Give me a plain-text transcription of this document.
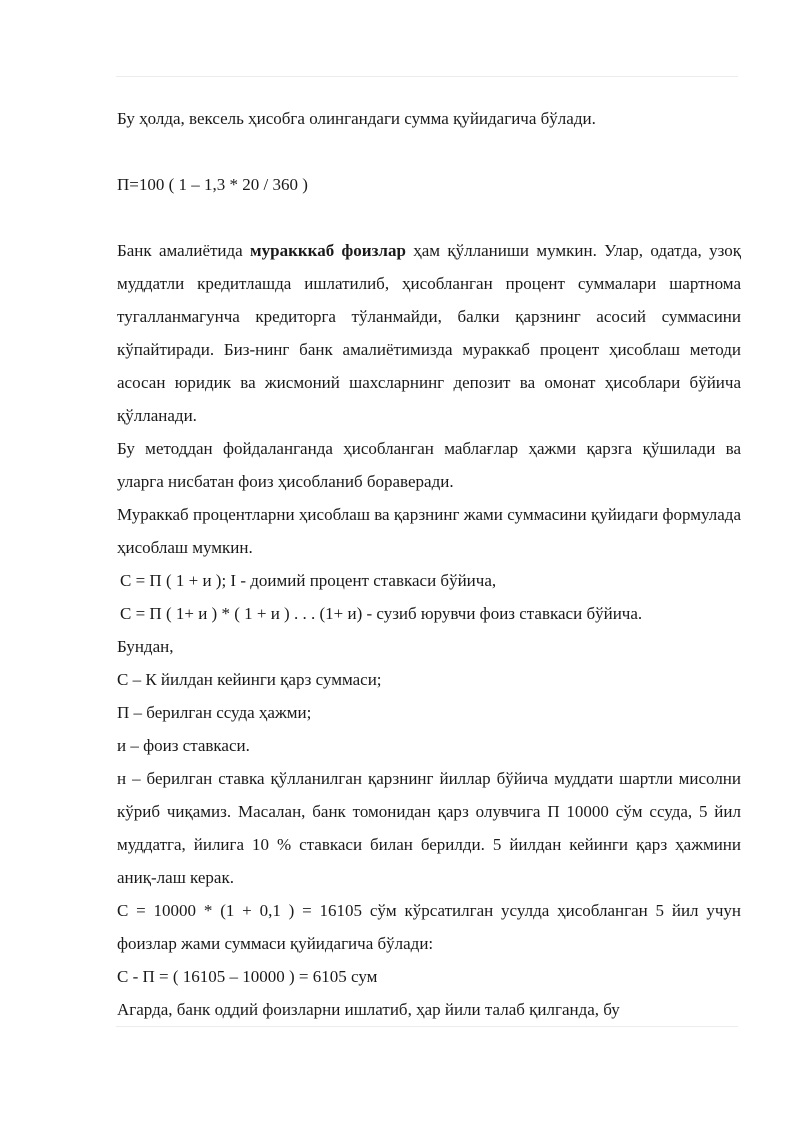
Бу ҳолда, вексель ҳисобга олингандаги сумма қуйидагича бўлади.

П=100 ( 1 – 1,3 * 20 / 360 )

Банк амалиётида муракккаб фоизлар ҳам қўлланиши мумкин. Улар, одатда, узоқ муддатли кредитлашда ишлатилиб, ҳисобланган процент суммалари шартнома тугалланмагунча кредиторга тўланмайди, балки қарзнинг асосий суммасини кўпайтиради. Биз-нинг банк амалиётимизда мураккаб процент ҳисоблаш методи асосан юридик ва жисмоний шахсларнинг депозит ва омонат ҳисоблари бўйича қўлланади.

Бу методдан фойдаланганда ҳисобланган маблағлар ҳажми қарзга қўшилади ва уларга нисбатан фоиз ҳисобланиб бораверади.

Мураккаб процентларни ҳисоблаш ва қарзнинг жами суммасини қуйидаги формулада ҳисоблаш мумкин.

С = П ( 1 + и ); I - доимий процент ставкаси бўйича,

С = П ( 1+ и ) * ( 1 + и ) . . . (1+ и) - сузиб юрувчи фоиз ставкаси бўйича.

Бундан,

С – К йилдан кейинги қарз суммаси;

П – берилган ссуда ҳажми;

и – фоиз ставкаси.

н – берилган ставка қўлланилган қарзнинг йиллар бўйича муддати шартли мисолни кўриб чиқамиз. Масалан, банк томонидан қарз олувчига П 10000 сўм ссуда, 5 йил муддатга, йилига 10 % ставкаси билан берилди. 5 йилдан кейинги қарз ҳажмини аниқ-лаш керак.

С = 10000 * (1 + 0,1 ) = 16105 сўм кўрсатилган усулда ҳисобланган 5 йил учун фоизлар жами суммаси қуйидагича бўлади:

С - П = ( 16105 – 10000 ) = 6105 сум

Агарда, банк оддий фоизларни ишлатиб, ҳар йили талаб қилганда, бу
